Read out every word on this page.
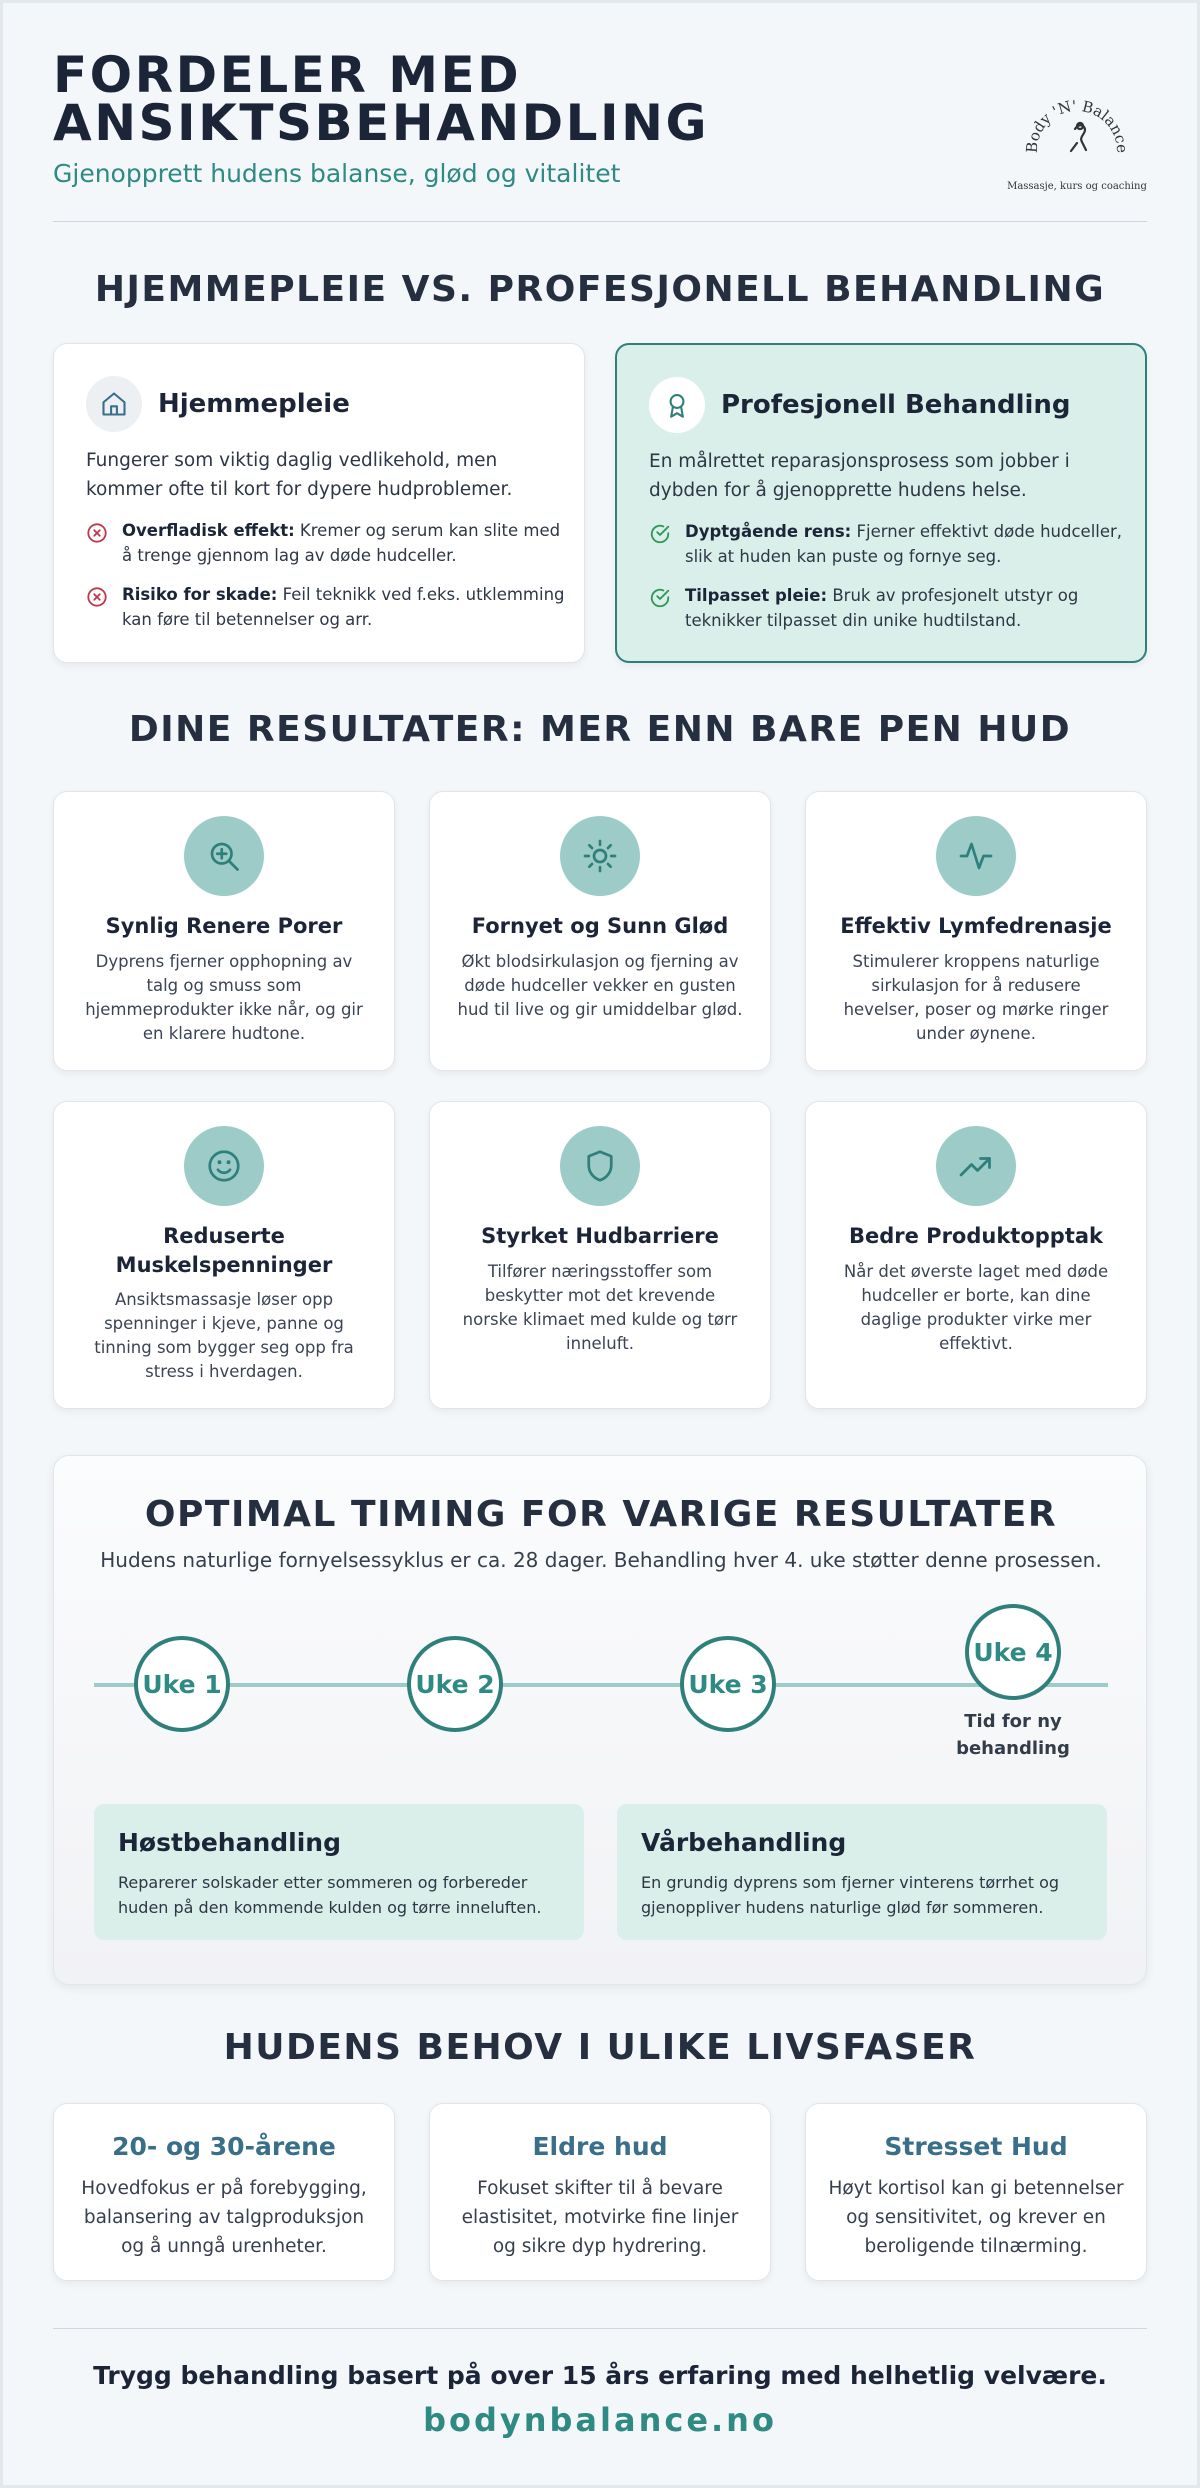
FORDELER MED ANSIKTSBEHANDLING
Gjenopprett hudens balanse, glød og vitalitet
Body 'N' Balance
Massasje, kurs og coaching
HJEMMEPLEIE VS. PROFESJONELL BEHANDLING
Hjemmepleie
Fungerer som viktig daglig vedlikehold, men kommer ofte til kort for dypere hudproblemer.
Overfladisk effekt: Kremer og serum kan slite med å trenge gjennom lag av døde hudceller.
Risiko for skade: Feil teknikk ved f.eks. utklemming kan føre til betennelser og arr.
Profesjonell Behandling
En målrettet reparasjonsprosess som jobber i dybden for å gjenopprette hudens helse.
Dyptgående rens: Fjerner effektivt døde hudceller, slik at huden kan puste og fornye seg.
Tilpasset pleie: Bruk av profesjonelt utstyr og teknikker tilpasset din unike hudtilstand.
DINE RESULTATER: MER ENN BARE PEN HUD
Synlig Renere Porer
Dyprens fjerner opphopning av talg og smuss som hjemmeprodukter ikke når, og gir en klarere hudtone.
Fornyet og Sunn Glød
Økt blodsirkulasjon og fjerning av døde hudceller vekker en gusten hud til live og gir umiddelbar glød.
Effektiv Lymfedrenasje
Stimulerer kroppens naturlige sirkulasjon for å redusere hevelser, poser og mørke ringer under øynene.
Reduserte Muskelspenninger
Ansiktsmassasje løser opp spenninger i kjeve, panne og tinning som bygger seg opp fra stress i hverdagen.
Styrket Hudbarriere
Tilfører næringsstoffer som beskytter mot det krevende norske klimaet med kulde og tørr inneluft.
Bedre Produktopptak
Når det øverste laget med døde hudceller er borte, kan dine daglige produkter virke mer effektivt.
OPTIMAL TIMING FOR VARIGE RESULTATER
Hudens naturlige fornyelsessyklus er ca. 28 dager. Behandling hver 4. uke støtter denne prosessen.
Uke 1	Uke 2	Uke 3
Uke 4
Tid for ny behandling
Høstbehandling
Reparerer solskader etter sommeren og forbereder huden på den kommende kulden og tørre inneluften.
Vårbehandling
En grundig dyprens som fjerner vinterens tørrhet og gjenoppliver hudens naturlige glød før sommeren.
HUDENS BEHOV I ULIKE LIVSFASER
20- og 30-årene
Hovedfokus er på forebygging, balansering av talgproduksjon og å unngå urenheter.
Eldre hud
Fokuset skifter til å bevare elastisitet, motvirke fine linjer og sikre dyp hydrering.
Stresset Hud
Høyt kortisol kan gi betennelser og sensitivitet, og krever en beroligende tilnærming.
Trygg behandling basert på over 15 års erfaring med helhetlig velvære.
bodynbalance.no
